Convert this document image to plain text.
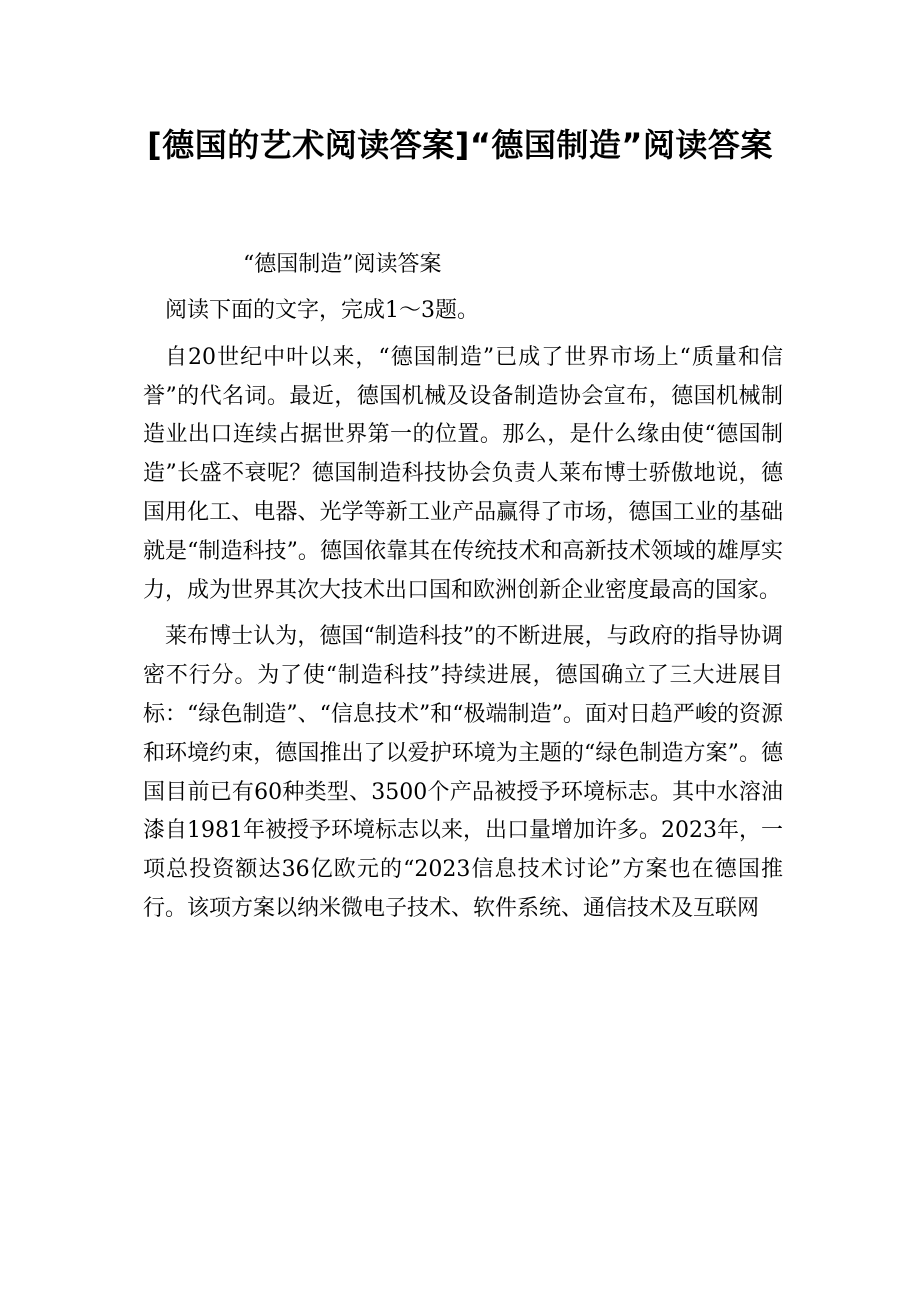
[德国的艺术阅读答案]“德国制造”阅读答案

“德国制造”阅读答案

阅读下面的文字，完成1～3题。

自20世纪中叶以来，“德国制造”已成了世界市场上“质量和信誉”的代名词。最近，德国机械及设备制造协会宣布，德国机械制造业出口连续占据世界第一的位置。那么，是什么缘由使“德国制造”长盛不衰呢？德国制造科技协会负责人莱布博士骄傲地说，德国用化工、电器、光学等新工业产品赢得了市场，德国工业的基础就是“制造科技”。德国依靠其在传统技术和高新技术领域的雄厚实力，成为世界其次大技术出口国和欧洲创新企业密度最高的国家。

莱布博士认为，德国“制造科技”的不断进展，与政府的指导协调密不行分。为了使“制造科技”持续进展，德国确立了三大进展目标：“绿色制造”、“信息技术”和“极端制造”。面对日趋严峻的资源和环境约束，德国推出了以爱护环境为主题的“绿色制造方案”。德国目前已有60种类型、3500个产品被授予环境标志。其中水溶油漆自1981年被授予环境标志以来，出口量增加许多。2023年，一项总投资额达36亿欧元的“2023信息技术讨论”方案也在德国推行。该项方案以纳米微电子技术、软件系统、通信技术及互联网
